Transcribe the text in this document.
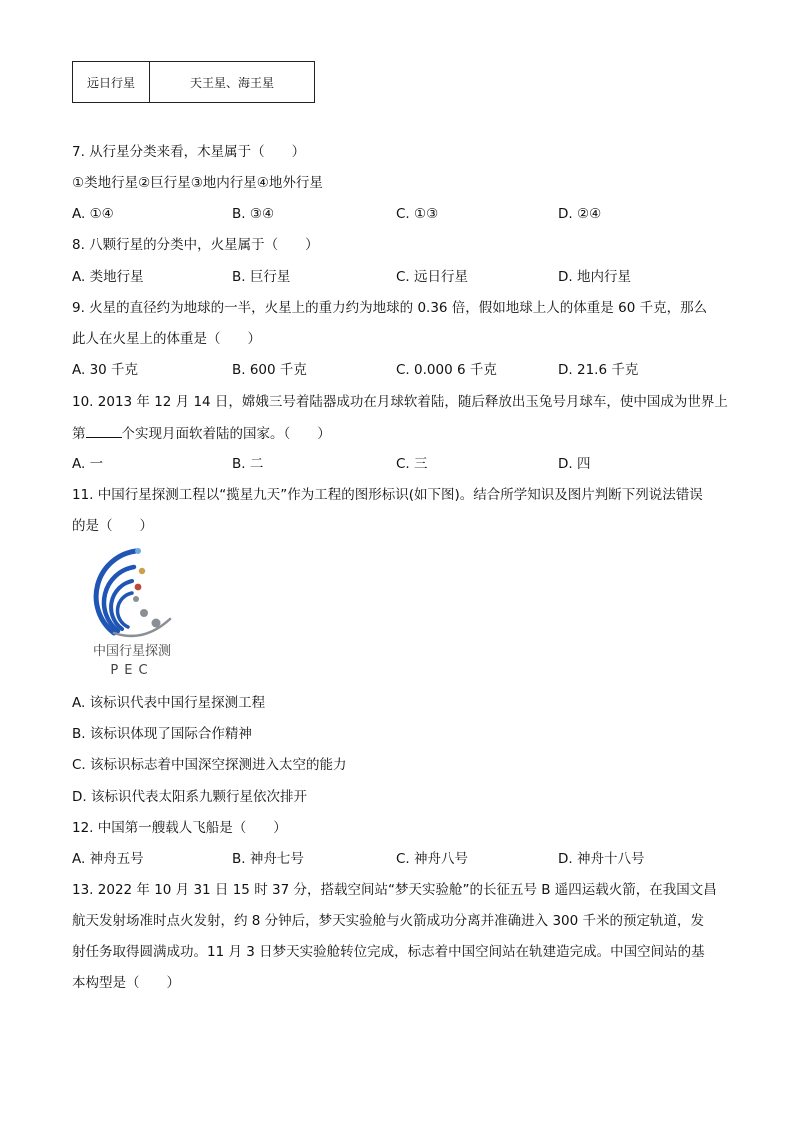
远日行星	天王星、海王星
7. 从行星分类来看，木星属于（　　）
①类地行星②巨行星③地内行星④地外行星
A. ①④	B. ③④	C. ①③	D. ②④
8. 八颗行星的分类中，火星属于（　　）
A. 类地行星	B. 巨行星	C. 远日行星	D. 地内行星
9. 火星的直径约为地球的一半，火星上的重力约为地球的 0.36 倍，假如地球上人的体重是 60 千克，那么
此人在火星上的体重是（　　）
A. 30 千克	B. 600 千克	C. 0.000 6 千克	D. 21.6 千克
10. 2013 年 12 月 14 日，嫦娥三号着陆器成功在月球软着陆，随后释放出玉兔号月球车，使中国成为世界上
第	个实现月面软着陆的国家。（　　）
A. 一	B. 二	C. 三	D. 四
11. 中国行星探测工程以“揽星九天”作为工程的图形标识(如下图)。结合所学知识及图片判断下列说法错误
的是（　　）
中国行星探测
PEC
A. 该标识代表中国行星探测工程
B. 该标识体现了国际合作精神
C. 该标识标志着中国深空探测进入太空的能力
D. 该标识代表太阳系九颗行星依次排开
12. 中国第一艘载人飞船是（　　）
A. 神舟五号	B. 神舟七号	C. 神舟八号	D. 神舟十八号
13. 2022 年 10 月 31 日 15 时 37 分，搭载空间站“梦天实验舱”的长征五号 B 遥四运载火箭，在我国文昌
航天发射场准时点火发射，约 8 分钟后，梦天实验舱与火箭成功分离并准确进入 300 千米的预定轨道，发
射任务取得圆满成功。11 月 3 日梦天实验舱转位完成，标志着中国空间站在轨建造完成。中国空间站的基
本构型是（　　）
